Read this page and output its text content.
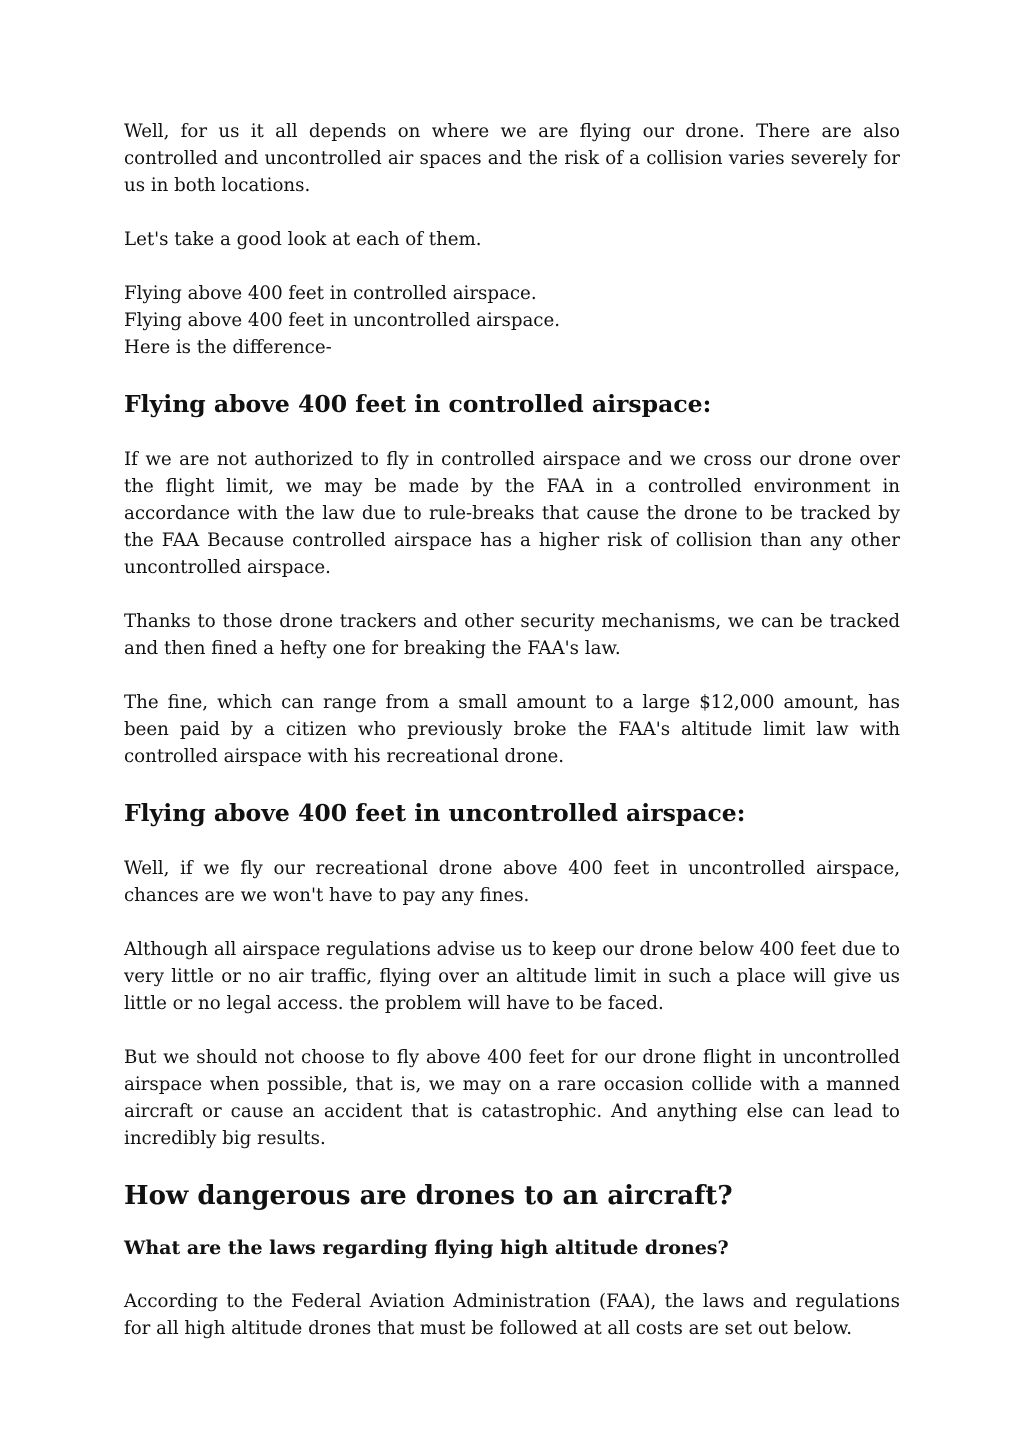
Well, for us it all depends on where we are flying our drone. There are also controlled and uncontrolled air spaces and the risk of a collision varies severely for us in both locations.

Let's take a good look at each of them.

Flying above 400 feet in controlled airspace.
Flying above 400 feet in uncontrolled airspace.
Here is the difference-

Flying above 400 feet in controlled airspace:

If we are not authorized to fly in controlled airspace and we cross our drone over the flight limit, we may be made by the FAA in a controlled environment in accordance with the law due to rule-breaks that cause the drone to be tracked by the FAA Because controlled airspace has a higher risk of collision than any other uncontrolled airspace.

Thanks to those drone trackers and other security mechanisms, we can be tracked and then fined a hefty one for breaking the FAA's law.

The fine, which can range from a small amount to a large $12,000 amount, has been paid by a citizen who previously broke the FAA's altitude limit law with controlled airspace with his recreational drone.

Flying above 400 feet in uncontrolled airspace:

Well, if we fly our recreational drone above 400 feet in uncontrolled airspace, chances are we won't have to pay any fines.

Although all airspace regulations advise us to keep our drone below 400 feet due to very little or no air traffic, flying over an altitude limit in such a place will give us little or no legal access. the problem will have to be faced.

But we should not choose to fly above 400 feet for our drone flight in uncontrolled airspace when possible, that is, we may on a rare occasion collide with a manned aircraft or cause an accident that is catastrophic. And anything else can lead to incredibly big results.

How dangerous are drones to an aircraft?
What are the laws regarding flying high altitude drones?

According to the Federal Aviation Administration (FAA), the laws and regulations for all high altitude drones that must be followed at all costs are set out below.
